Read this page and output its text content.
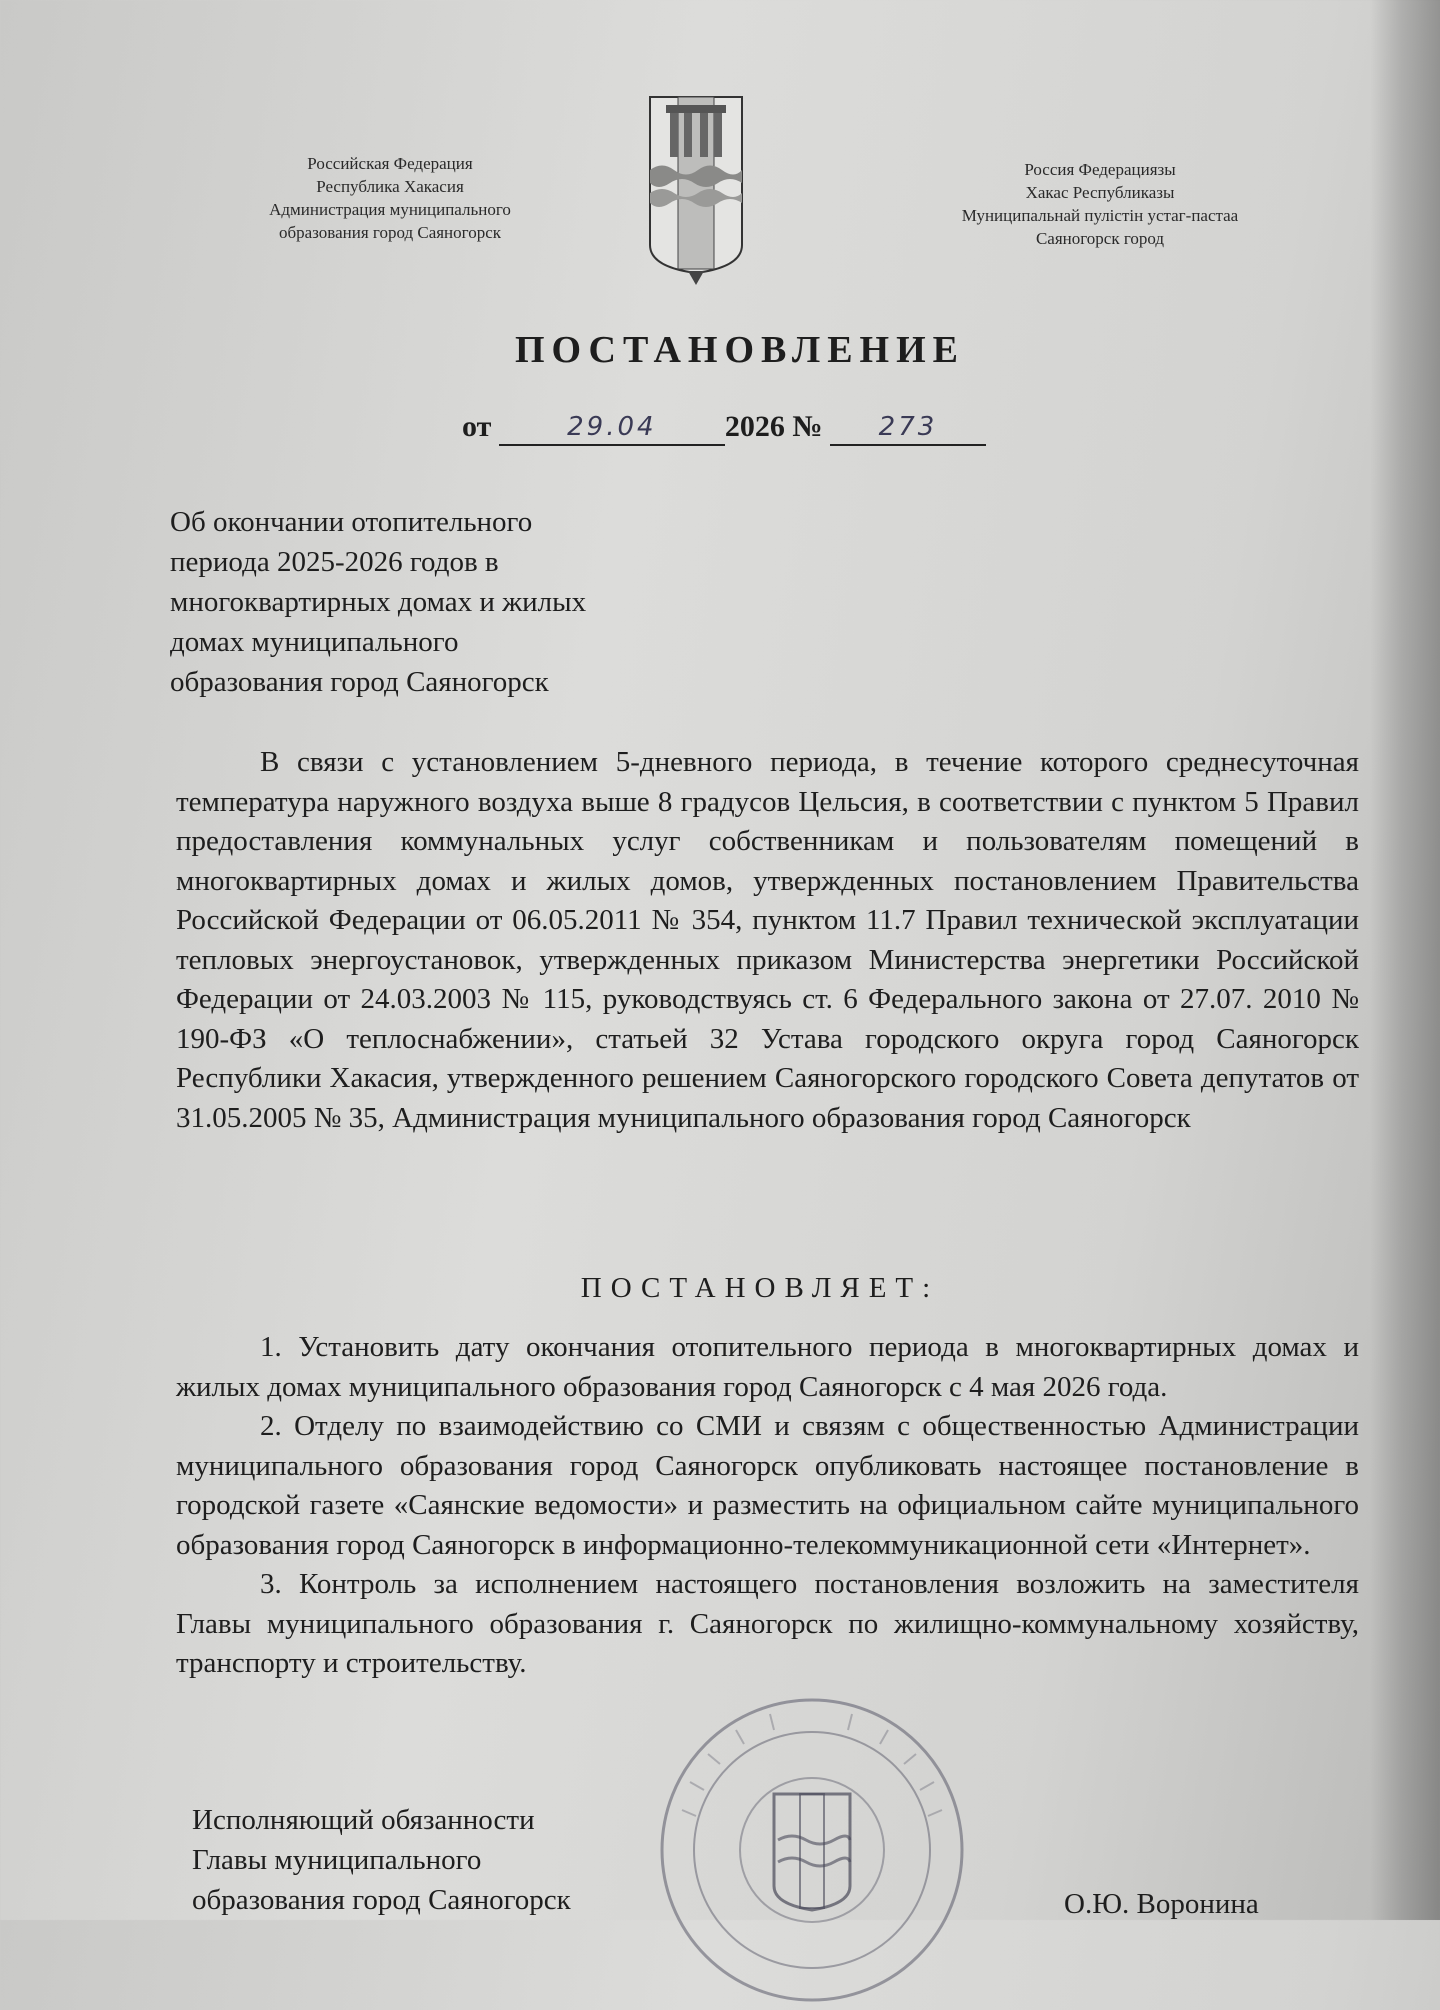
Российская Федерация
Республика Хакасия
Администрация муниципального
образования город Саяногорск
Россия Федерациязы
Хакас Республиказы
Муниципальнай пулiстiн устаг-пастаа
Саяногорск город
ПОСТАНОВЛЕНИЕ
от	29.04	2026 №	273
Об окончании отопительного
периода 2025-2026 годов в
многоквартирных домах и жилых
домах муниципального
образования город Саяногорск

В связи с установлением 5-дневного периода, в течение которого среднесуточная температура наружного воздуха выше 8 градусов Цельсия, в соответствии с пунктом 5 Правил предоставления коммунальных услуг собственникам и пользователям помещений в многоквартирных домах и жилых домов, утвержденных постановлением Правительства Российской Федерации от 06.05.2011 № 354, пунктом 11.7 Правил технической эксплуатации тепловых энергоустановок, утвержденных приказом Министерства энергетики Российской Федерации от 24.03.2003 № 115, руководствуясь ст. 6 Федерального закона от 27.07. 2010 № 190-ФЗ «О теплоснабжении», статьей 32 Устава городского округа город Саяногорск Республики Хакасия, утвержденного решением Саяногорского городского Совета депутатов от 31.05.2005 № 35, Администрация муниципального образования город Саяногорск

ПОСТАНОВЛЯЕТ:

1. Установить дату окончания отопительного периода в многоквартирных домах и жилых домах муниципального образования город Саяногорск с 4 мая 2026 года.

2. Отделу по взаимодействию со СМИ и связям с общественностью Администрации муниципального образования город Саяногорск опубликовать настоящее постановление в городской газете «Саянские ведомости» и разместить на официальном сайте муниципального образования город Саяногорск в информационно-телекоммуникационной сети «Интернет».

3. Контроль за исполнением настоящего постановления возложить на заместителя Главы муниципального образования г. Саяногорск по жилищно-коммунальному хозяйству, транспорту и строительству.

Исполняющий обязанности
Главы муниципального
образования город Саяногорск	О.Ю. Воронина
